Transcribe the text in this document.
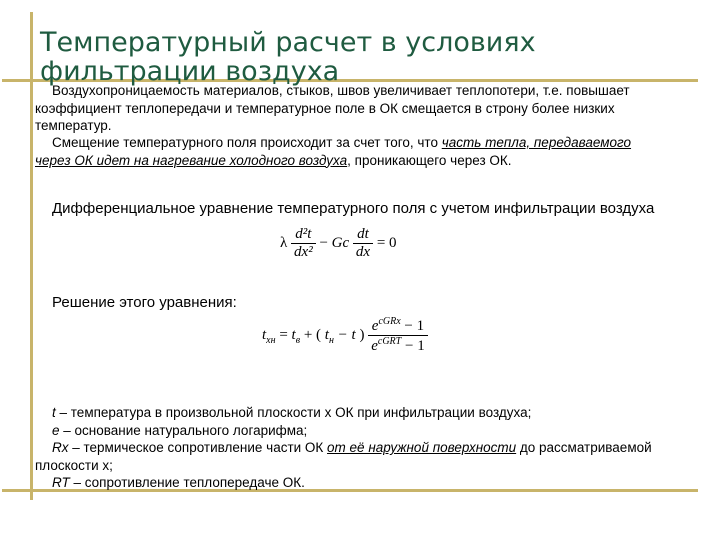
Температурный расчет в условиях фильтрации воздуха
Воздухопроницаемость материалов, стыков, швов увеличивает теплопотери, т.е. повышает коэффициент теплопередачи и температурное поле в ОК смещается в строну более низких температур.
Смещение температурного поля происходит за счет того, что часть тепла, передаваемого через ОК идет на нагревание холодного воздуха, проникающего через ОК.
Дифференциальное уравнение температурного поля с учетом инфильтрации воздуха
λ $\frac{\text{d²t}}{\text{dx²}} - Gc \frac{dt}{dx} = 0$
Решение этого уравнения:
$t_{хн} = t_в$ + ( $t_н - t$ ) $\frac{e^{cGRx} - 1}{e^{cGRT} - 1}$
t – температура в произвольной плоскости x ОК при инфильтрации воздуха;
e – основание натурального логарифма;
Rx – термическое сопротивление части ОК от её наружной поверхности до рассматриваемой плоскости x;
RT – сопротивление теплопередаче ОК.
